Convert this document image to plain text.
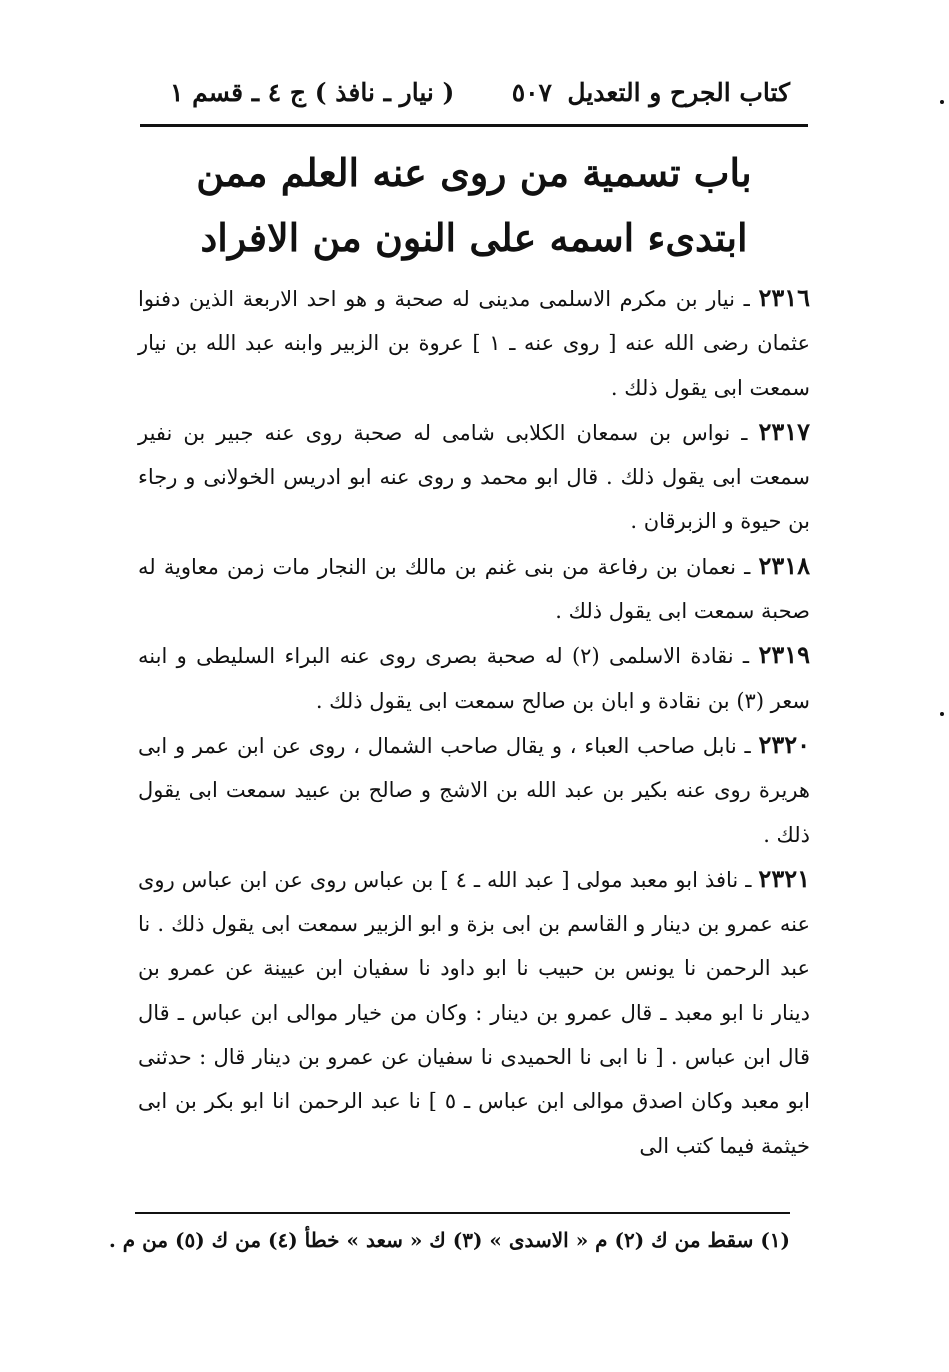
كتاب الجرح و التعديل
٥٠٧
( نيار ـ نافذ ) ج ٤ ـ قسم ١
باب تسمية من روى عنه العلم ممن
ابتدىء اسمه على النون من الافراد

٢٣١٦ ـ نيار بن مكرم الاسلمى مدينى له صحبة و هو احد الاربعة الذين دفنوا عثمان رضى الله عنه [ روى عنه ـ ١ ] عروة بن الزبير وابنه عبد الله بن نيار سمعت ابى يقول ذلك .

٢٣١٧ ـ نواس بن سمعان الكلابى شامى له صحبة روى عنه جبير بن نفير سمعت ابى يقول ذلك . قال ابو محمد و روى عنه ابو ادريس الخولانى و رجاء بن حيوة و الزبرقان .

٢٣١٨ ـ نعمان بن رفاعة من بنى غنم بن مالك بن النجار مات زمن معاوية له صحبة سمعت ابى يقول ذلك .

٢٣١٩ ـ نقادة الاسلمى (٢) له صحبة بصرى روى عنه البراء السليطى و ابنه سعر (٣) بن نقادة و ابان بن صالح سمعت ابى يقول ذلك .

٢٣٢٠ ـ نابل صاحب العباء ، و يقال صاحب الشمال ، روى عن ابن عمر و ابى هريرة روى عنه بكير بن عبد الله بن الاشج و صالح بن عبيد سمعت ابى يقول ذلك .

٢٣٢١ ـ نافذ ابو معبد مولى [ عبد الله ـ ٤ ] بن عباس روى عن ابن عباس روى عنه عمرو بن دينار و القاسم بن ابى بزة و ابو الزبير سمعت ابى يقول ذلك . نا عبد الرحمن نا يونس بن حبيب نا ابو داود نا سفيان ابن عيينة عن عمرو بن دينار نا ابو معبد ـ قال عمرو بن دينار : وكان من خيار موالى ابن عباس ـ قال قال ابن عباس . [ نا ابى نا الحميدى نا سفيان عن عمرو بن دينار قال : حدثنى ابو معبد وكان اصدق موالى ابن عباس ـ ٥ ] نا عبد الرحمن انا ابو بكر بن ابى خيثمة فيما كتب الى

(١) سقط من ك (٢) م « الاسدى » (٣) ك « سعد » خطأ (٤) من ك (٥) من م .
